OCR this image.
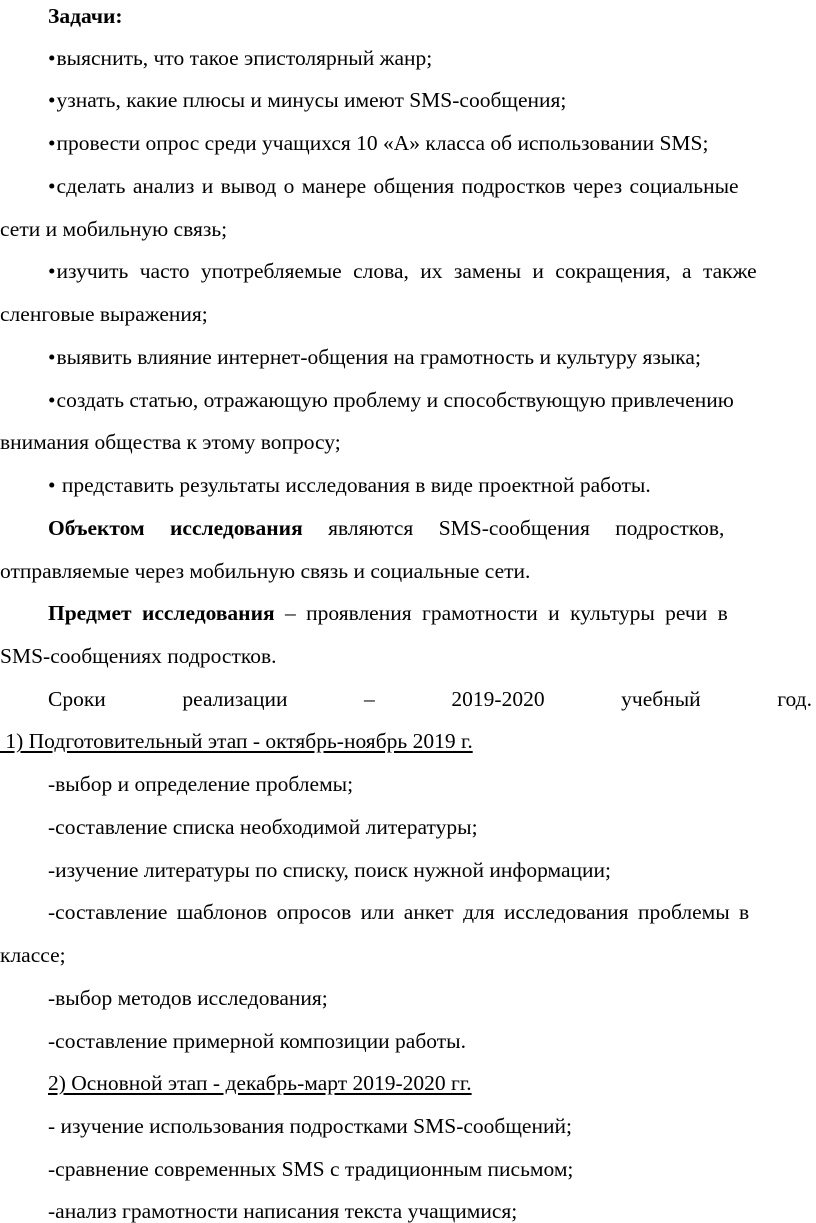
Задачи:
•выяснить, что такое эпистолярный жанр;
•узнать, какие плюсы и минусы имеют SMS-сообщения;
•провести опрос среди учащихся 10 «А» класса об использовании SMS;
•сделать анализ и вывод о манере общения подростков через социальные
сети и мобильную связь;
•изучить часто употребляемые слова, их замены и сокращения, а также
сленговые выражения;
•выявить влияние интернет-общения на грамотность и культуру языка;
•создать статью, отражающую проблему и способствующую привлечению
внимания общества к этому вопросу;
• представить результаты исследования в виде проектной работы.
Объектом исследования являются SMS-сообщения подростков,
отправляемые через мобильную связь и социальные сети.
Предмет исследования – проявления грамотности и культуры речи в
SMS-сообщениях подростков.
Сроки реализации – 2019-2020 учебный год.
1) Подготовительный этап - октябрь-ноябрь 2019 г.
-выбор и определение проблемы;
-составление списка необходимой литературы;
-изучение литературы по списку, поиск нужной информации;
-составление шаблонов опросов или анкет для исследования проблемы в
классе;
-выбор методов исследования;
-составление примерной композиции работы.
2) Основной этап - декабрь-март 2019-2020 гг.
- изучение использования подростками SMS-сообщений;
-сравнение современных SMS с традиционным письмом;
-анализ грамотности написания текста учащимися;
